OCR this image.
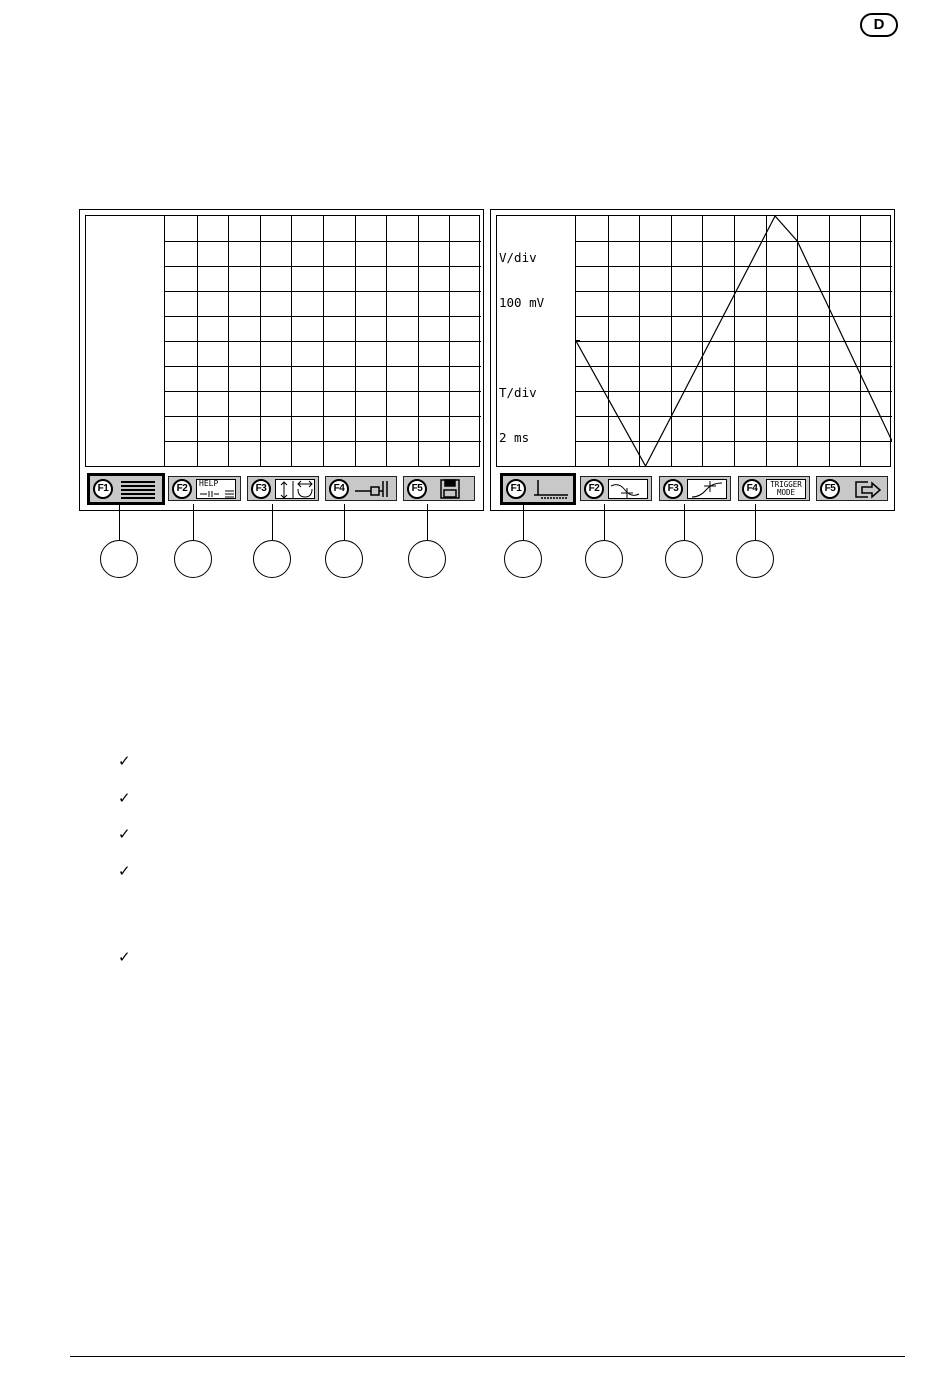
D
F1	F2	HELP	F3	F4	F5

V/div

100 mV

T/div

2 ms

F1	F2	F3	F4	TRIGGER
MODE	F5
✓
✓
✓
✓
✓
